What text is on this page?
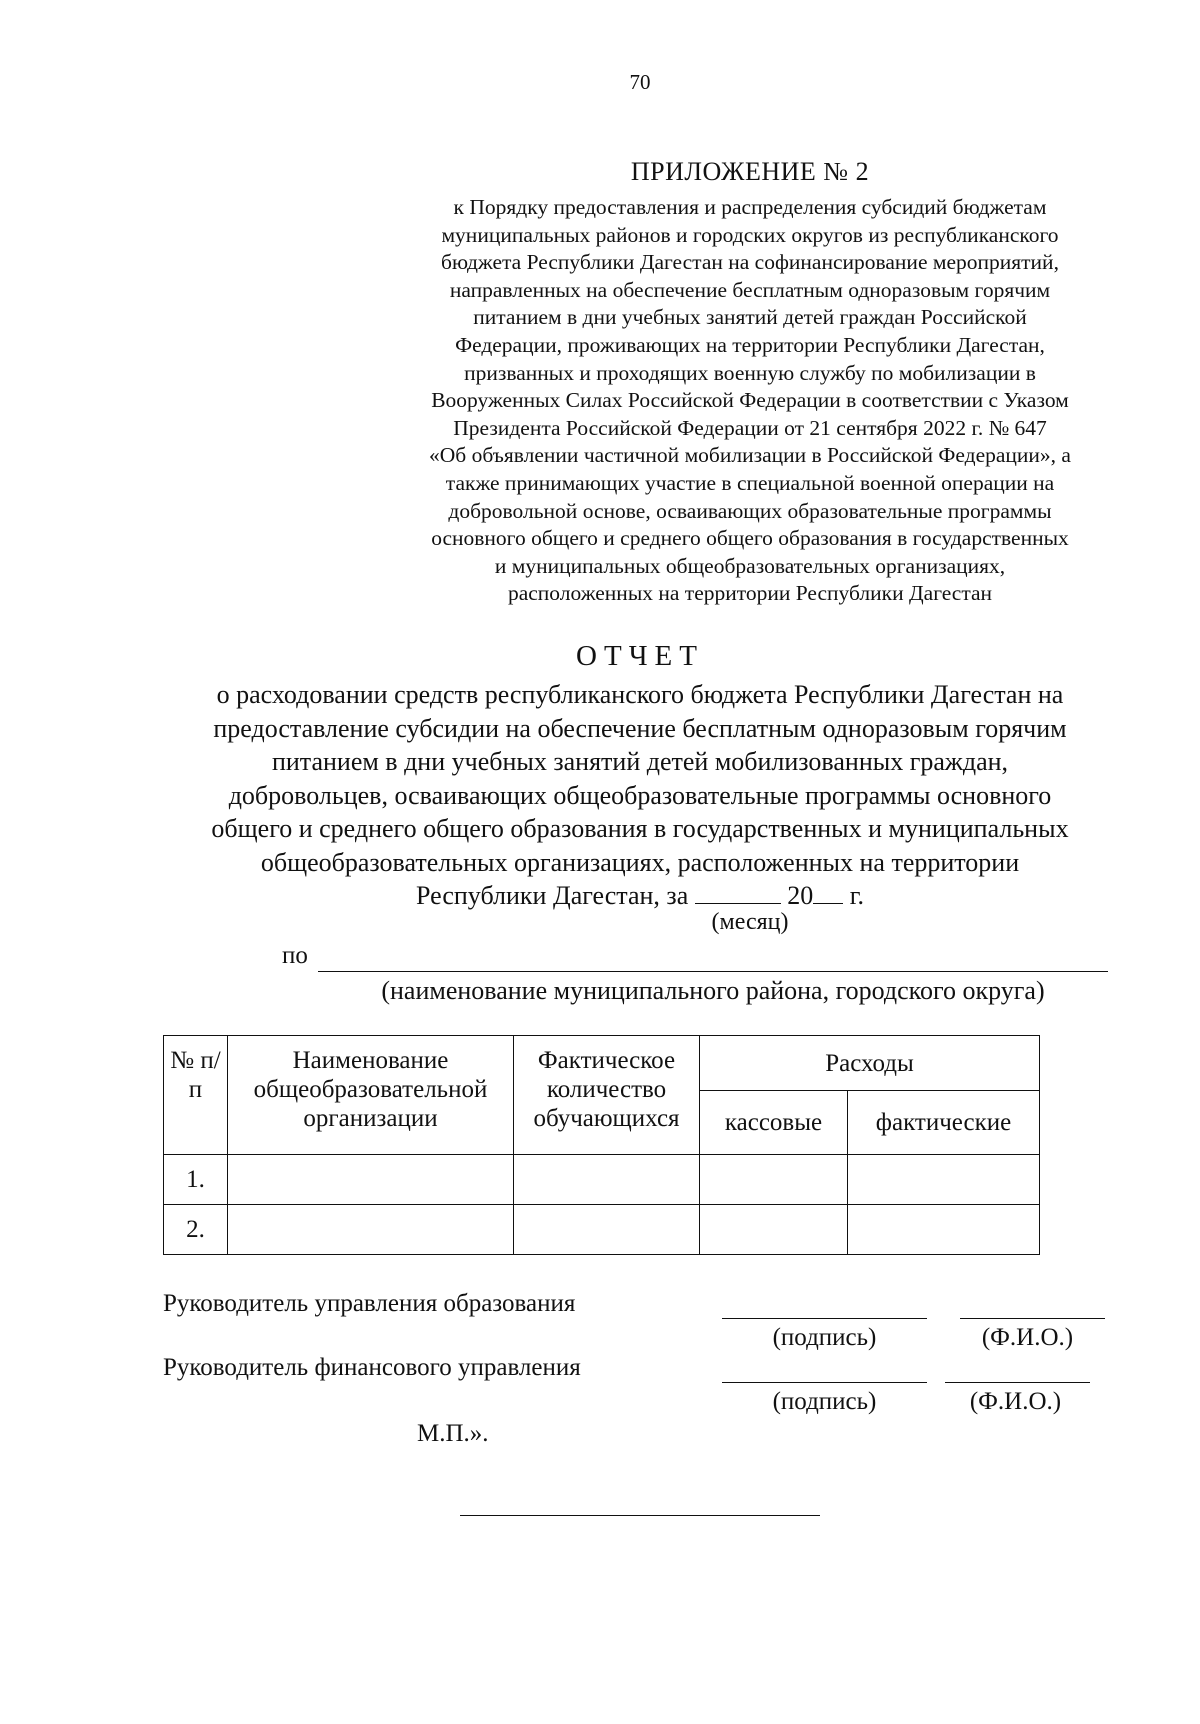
70
ПРИЛОЖЕНИЕ № 2
к Порядку предоставления и распределения субсидий бюджетам
муниципальных районов и городских округов из республиканского
бюджета Республики Дагестан на софинансирование мероприятий,
направленных на обеспечение бесплатным одноразовым горячим
питанием в дни учебных занятий детей граждан Российской
Федерации, проживающих на территории Республики Дагестан,
призванных и проходящих военную службу по мобилизации в
Вооруженных Силах Российской Федерации в соответствии с Указом
Президента Российской Федерации от 21 сентября 2022 г. № 647
«Об объявлении частичной мобилизации в Российской Федерации», а
также принимающих участие в специальной военной операции на
добровольной основе, осваивающих образовательные программы
основного общего и среднего общего образования в государственных
и муниципальных общеобразовательных организациях,
расположенных на территории Республики Дагестан
ОТЧЕТ
о расходовании средств республиканского бюджета Республики Дагестан на
предоставление субсидии на обеспечение бесплатным одноразовым горячим
питанием в дни учебных занятий детей мобилизованных граждан,
добровольцев, осваивающих общеобразовательные программы основного
общего и среднего общего образования в государственных и муниципальных
общеобразовательных организациях, расположенных на территории
Республики Дагестан, за	20 г.
(месяц)
по
(наименование муниципального района, городского округа)
№ п/п	Наименование общеобразовательной организации	Фактическое количество обучающихся	Расходы	
			кассовые	фактические
1.				
2.				
Руководитель управления образования
(подпись)	(Ф.И.О.)
Руководитель финансового управления
(подпись)	(Ф.И.О.)
М.П.».
